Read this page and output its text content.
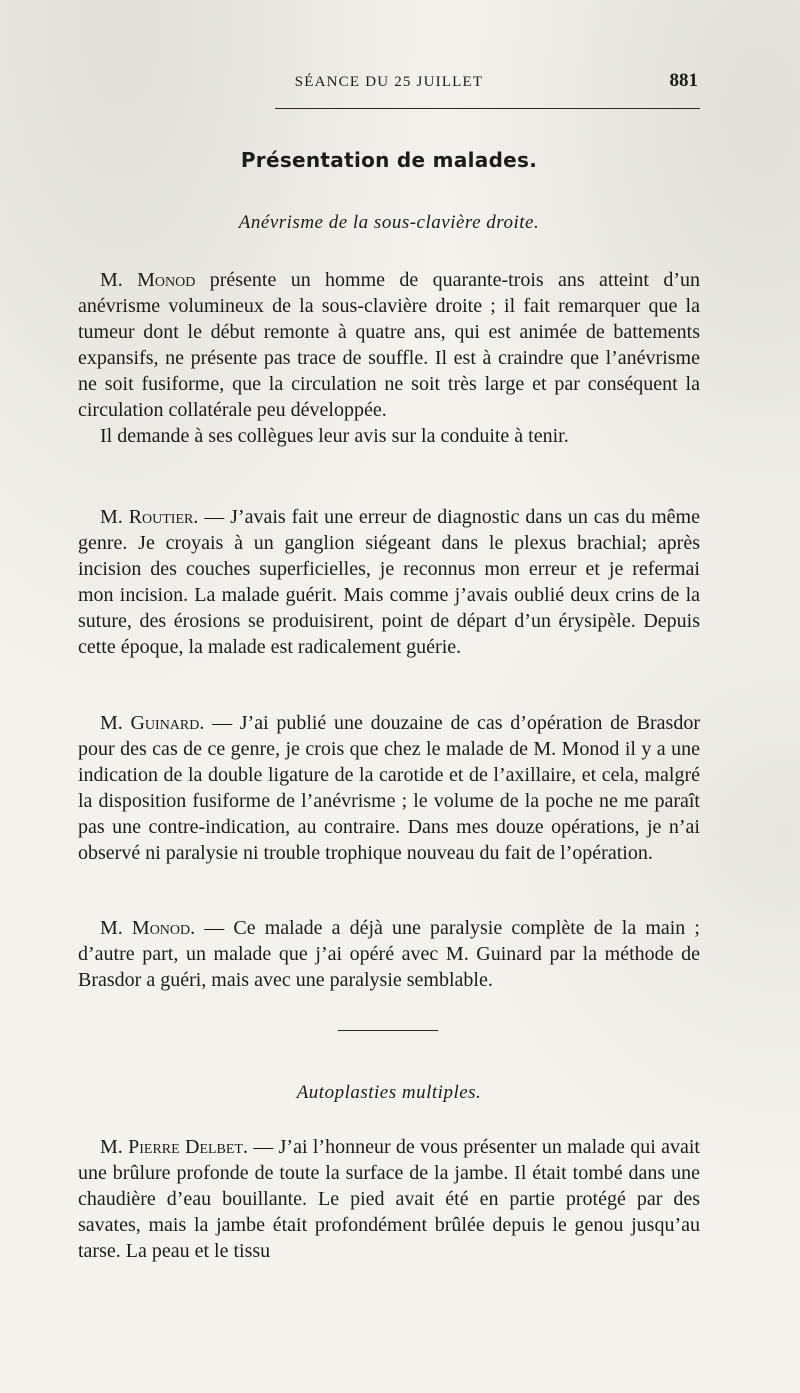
SÉANCE DU 25 JUILLET	881
Présentation de malades.
Anévrisme de la sous-clavière droite.

M. Monod présente un homme de quarante-trois ans atteint d’un anévrisme volumineux de la sous-clavière droite ; il fait remarquer que la tumeur dont le début remonte à quatre ans, qui est animée de battements expansifs, ne présente pas trace de souffle. Il est à craindre que l’anévrisme ne soit fusiforme, que la circulation ne soit très large et par conséquent la circulation collatérale peu développée.

Il demande à ses collègues leur avis sur la conduite à tenir.

M. Routier. — J’avais fait une erreur de diagnostic dans un cas du même genre. Je croyais à un ganglion siégeant dans le plexus brachial; après incision des couches superficielles, je reconnus mon erreur et je refermai mon incision. La malade guérit. Mais comme j’avais oublié deux crins de la suture, des érosions se produisirent, point de départ d’un érysipèle. Depuis cette époque, la malade est radicalement guérie.

M. Guinard. — J’ai publié une douzaine de cas d’opération de Brasdor pour des cas de ce genre, je crois que chez le malade de M. Monod il y a une indication de la double ligature de la carotide et de l’axillaire, et cela, malgré la disposition fusiforme de l’anévrisme ; le volume de la poche ne me paraît pas une contre-indication, au contraire. Dans mes douze opérations, je n’ai observé ni paralysie ni trouble trophique nouveau du fait de l’opération.

M. Monod. — Ce malade a déjà une paralysie complète de la main ; d’autre part, un malade que j’ai opéré avec M. Guinard par la méthode de Brasdor a guéri, mais avec une paralysie semblable.

Autoplasties multiples.

M. Pierre Delbet. — J’ai l’honneur de vous présenter un malade qui avait une brûlure profonde de toute la surface de la jambe. Il était tombé dans une chaudière d’eau bouillante. Le pied avait été en partie protégé par des savates, mais la jambe était profondément brûlée depuis le genou jusqu’au tarse. La peau et le tissu
